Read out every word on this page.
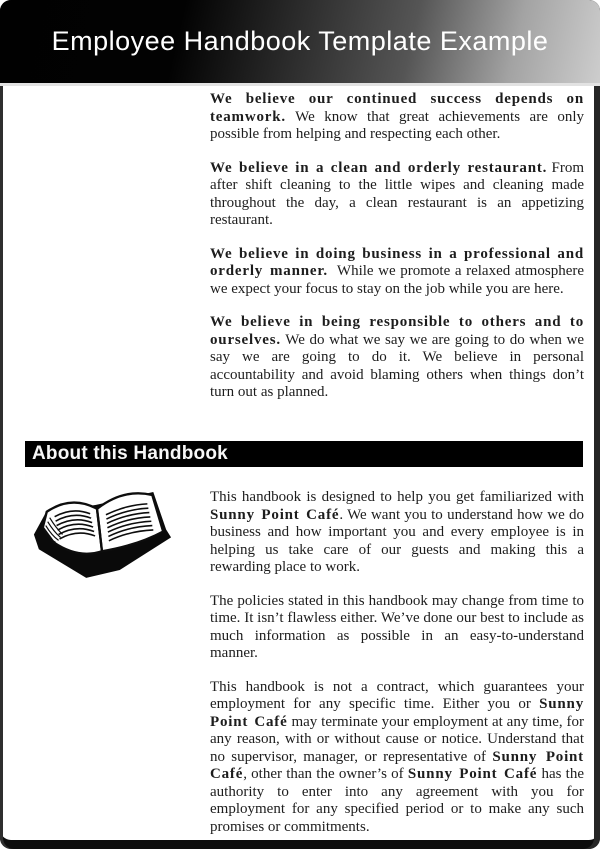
Employee Handbook Template Example

We believe our continued success depends on teamwork. We know that great achievements are only possible from helping and respecting each other.

We believe in a clean and orderly restaurant. From after shift cleaning to the little wipes and cleaning made throughout the day, a clean restaurant is an appetizing restaurant.

We believe in doing business in a professional and orderly manner.  While we promote a relaxed atmosphere we expect your focus to stay on the job while you are here.

We believe in being responsible to others and to ourselves. We do what we say we are going to do when we say we are going to do it. We believe in personal accountability and avoid blaming others when things don’t turn out as planned.

About this Handbook

This handbook is designed to help you get familiarized with Sunny Point Café. We want you to understand how we do business and how important you and every employee is in helping us take care of our guests and making this a rewarding place to work.

The policies stated in this handbook may change from time to time. It isn’t flawless either. We’ve done our best to include as much information as possible in an easy-to-understand manner.

This handbook is not a contract, which guarantees your employment for any specific time. Either you or Sunny Point Café may terminate your employment at any time, for any reason, with or without cause or notice. Understand that no supervisor, manager, or representative of Sunny Point Café, other than the owner’s of Sunny Point Café has the authority to enter into any agreement with you for employment for any specified period or to make any such promises or commitments.
